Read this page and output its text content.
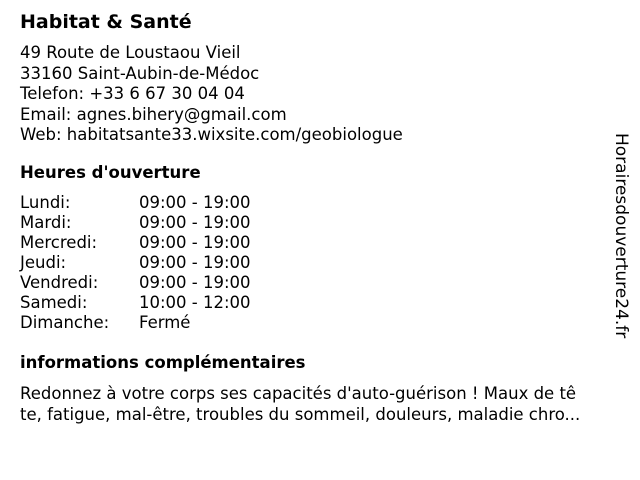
Habitat & Santé
49 Route de Loustaou Vieil
33160 Saint-Aubin-de-Médoc
Telefon: +33 6 67 30 04 04
Email: agnes.bihery@gmail.com
Web: habitatsante33.wixsite.com/geobiologue
Heures d'ouverture
Lundi:	09:00 - 19:00
Mardi:	09:00 - 19:00
Mercredi:	09:00 - 19:00
Jeudi:	09:00 - 19:00
Vendredi: 09:00 - 19:00
Samedi:	10:00 - 12:00
Dimanche: Fermé
informations complémentaires
Redonnez à votre corps ses capacités d'auto-guérison ! Maux de tê
te, fatigue, mal-être, troubles du sommeil, douleurs, maladie chro...
Horairesdouverture24.fr
